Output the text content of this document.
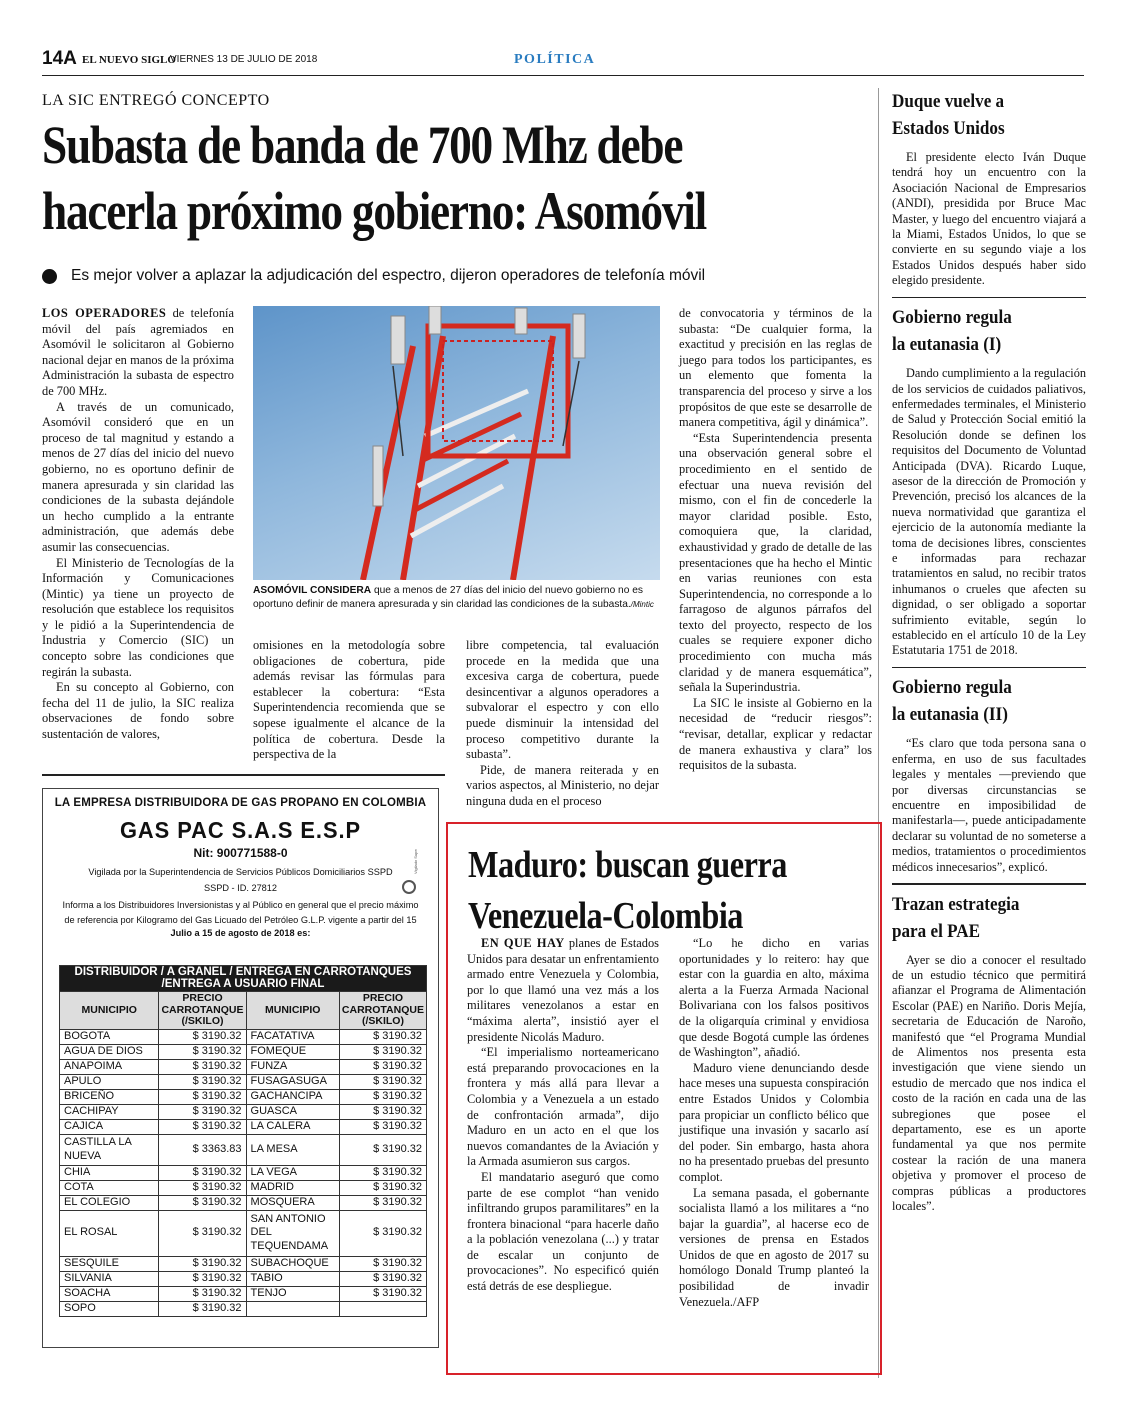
14A EL NUEVO SIGLO
VIERNES 13 DE JULIO DE 2018	POLÍTICA
LA SIC ENTREGÓ CONCEPTO
Subasta de banda de 700 Mhz debe
hacerla próximo gobierno: Asomóvil
Es mejor volver a aplazar la adjudicación del espectro, dijeron operadores de telefonía móvil

LOS OPERADORES de telefonía móvil del país agremiados en Asomóvil le solicitaron al Gobierno nacional dejar en manos de la próxima Administración la subasta de espectro de 700 MHz.

A través de un comunicado, Asomóvil consideró que en un proceso de tal magnitud y estando a menos de 27 días del inicio del nuevo gobierno, no es oportuno definir de manera apresurada y sin claridad las condiciones de la subasta dejándole un hecho cumplido a la entrante administración, que además debe asumir las consecuencias.

El Ministerio de Tecnologías de la Información y Comunicaciones (Mintic) ya tiene un proyecto de resolución que establece los requisitos y le pidió a la Superintendencia de Industria y Comercio (SIC) un concepto sobre las condiciones que regirán la subasta.

En su concepto al Gobierno, con fecha del 11 de julio, la SIC realiza observaciones de fondo sobre sustentación de valores,

ASOMÓVIL CONSIDERA que a menos de 27 días del inicio del nuevo gobierno no es oportuno definir de manera apresurada y sin claridad las condiciones de la subasta./Mintic

omisiones en la metodología sobre obligaciones de cobertura, pide además revisar las fórmulas para establecer la cobertura: “Esta Superintendencia recomienda que se sopese igualmente el alcance de la política de cobertura. Desde la perspectiva de la

libre competencia, tal evaluación procede en la medida que una excesiva carga de cobertura, puede desincentivar a algunos operadores a subvalorar el espectro y con ello puede disminuir la intensidad del proceso competitivo durante la subasta”.

Pide, de manera reiterada y en varios aspectos, al Ministerio, no dejar ninguna duda en el proceso

de convocatoria y términos de la subasta: “De cualquier forma, la exactitud y precisión en las reglas de juego para todos los participantes, es un elemento que fomenta la transparencia del proceso y sirve a los propósitos de que este se desarrolle de manera competitiva, ágil y dinámica”.

“Esta Superintendencia presenta una observación general sobre el procedimiento en el sentido de efectuar una nueva revisión del mismo, con el fin de concederle la mayor claridad posible. Esto, comoquiera que, la claridad, exhaustividad y grado de detalle de las presentaciones que ha hecho el Mintic en varias reuniones con esta Superintendencia, no corresponde a lo farragoso de algunos párrafos del texto del proyecto, respecto de los cuales se requiere exponer dicho procedimiento con mucha más claridad y de manera esquemática”, señala la Superindustria.

La SIC le insiste al Gobierno en la necesidad de “reducir riesgos”: “revisar, detallar, explicar y redactar de manera exhaustiva y clara” los requisitos de la subasta.

Duque vuelve a
Estados Unidos

El presidente electo Iván Duque tendrá hoy un encuentro con la Asociación Nacional de Empresarios (ANDI), presidida por Bruce Mac Master, y luego del encuentro viajará a la Miami, Estados Unidos, lo que se convierte en su segundo viaje a los Estados Unidos después haber sido elegido presidente.

Gobierno regula
la eutanasia (I)

Dando cumplimiento a la regulación de los servicios de cuidados paliativos, enfermedades terminales, el Ministerio de Salud y Protección Social emitió la Resolución donde se definen los requisitos del Documento de Voluntad Anticipada (DVA). Ricardo Luque, asesor de la dirección de Promoción y Prevención, precisó los alcances de la nueva normatividad que garantiza el ejercicio de la autonomía mediante la toma de decisiones libres, conscientes e informadas para rechazar tratamientos en salud, no recibir tratos inhumanos o crueles que afecten su dignidad, o ser obligado a soportar sufrimiento evitable, según lo establecido en el artículo 10 de la Ley Estatutaria 1751 de 2018.

Gobierno regula
la eutanasia (II)

“Es claro que toda persona sana o enferma, en uso de sus facultades legales y mentales —previendo que por diversas circunstancias se encuentre en imposibilidad de manifestarla—, puede anticipadamente declarar su voluntad de no someterse a medios, tratamientos o procedimientos médicos innecesarios”, explicó.

Trazan estrategia
para el PAE

Ayer se dio a conocer el resultado de un estudio técnico que permitirá afianzar el Programa de Alimentación Escolar (PAE) en Nariño. Doris Mejía, secretaria de Educación de Naroño, manifestó que “el Programa Mundial de Alimentos nos presenta esta investigación que viene siendo un estudio de mercado que nos indica el costo de la ración en cada una de las subregiones que posee el departamento, ese es un aporte fundamental ya que nos permite costear la ración de una manera objetiva y promover el proceso de compras públicas a productores locales”.

LA EMPRESA DISTRIBUIDORA DE GAS PROPANO EN COLOMBIA
GAS PAC S.A.S E.S.P
Nit: 900771588-0
Vigilada por la Superintendencia de Servicios Públicos Domiciliarios SSPD
SSPD - ID. 27812
Informa a los Distribuidores Inversionistas y al Público en general que el precio máximo de referencia por Kilogramo del Gas Licuado del Petróleo G.L.P. vigente a partir del 15
Julio a 15 de agosto de 2018 es:
Vigilado Superservicios
DISTRIBUIDOR / A GRANEL / ENTREGA EN CARROTANQUES
/ENTREGA A USUARIO FINAL			
MUNICIPIO	PRECIO
CARROTANQUE
(/SKILO)	MUNICIPIO	PRECIO
CARROTANQUE
(/SKILO)
BOGOTA	$ 3190.32	FACATATIVA	$ 3190.32
AGUA DE DIOS	$ 3190.32	FOMEQUE	$ 3190.32
ANAPOIMA	$ 3190.32	FUNZA	$ 3190.32
APULO	$ 3190.32	FUSAGASUGA	$ 3190.32
BRICEÑO	$ 3190.32	GACHANCIPA	$ 3190.32
CACHIPAY	$ 3190.32	GUASCA	$ 3190.32
CAJICA	$ 3190.32	LA CALERA	$ 3190.32
CASTILLA LA NUEVA	$ 3363.83	LA MESA	$ 3190.32
CHIA	$ 3190.32	LA VEGA	$ 3190.32
COTA	$ 3190.32	MADRID	$ 3190.32
EL COLEGIO	$ 3190.32	MOSQUERA	$ 3190.32
EL ROSAL	$ 3190.32	SAN ANTONIO DEL TEQUENDAMA	$ 3190.32
SESQUILE	$ 3190.32	SUBACHOQUE	$ 3190.32
SILVANIA	$ 3190.32	TABIO	$ 3190.32
SOACHA	$ 3190.32	TENJO	$ 3190.32
SOPO	$ 3190.32		
Maduro: buscan guerra
Venezuela-Colombia

EN QUE HAY planes de Estados Unidos para desatar un enfrentamiento armado entre Venezuela y Colombia, por lo que llamó una vez más a los militares venezolanos a estar en “máxima alerta”, insistió ayer el presidente Nicolás Maduro.

“El imperialismo norteamericano está preparando provocaciones en la frontera y más allá para llevar a Colombia y a Venezuela a un estado de confrontación armada”, dijo Maduro en un acto en el que los nuevos comandantes de la Aviación y la Armada asumieron sus cargos.

El mandatario aseguró que como parte de ese complot “han venido infiltrando grupos paramilitares” en la frontera binacional “para hacerle daño a la población venezolana (...) y tratar de escalar un conjunto de provocaciones”. No especificó quién está detrás de ese despliegue.

“Lo he dicho en varias oportunidades y lo reitero: hay que estar con la guardia en alto, máxima alerta a la Fuerza Armada Nacional Bolivariana con los falsos positivos de la oligarquía criminal y envidiosa que desde Bogotá cumple las órdenes de Washington”, añadió.

Maduro viene denunciando desde hace meses una supuesta conspiración entre Estados Unidos y Colombia para propiciar un conflicto bélico que justifique una invasión y sacarlo así del poder. Sin embargo, hasta ahora no ha presentado pruebas del presunto complot.

La semana pasada, el gobernante socialista llamó a los militares a “no bajar la guardia”, al hacerse eco de versiones de prensa en Estados Unidos de que en agosto de 2017 su homólogo Donald Trump planteó la posibilidad de invadir Venezuela./AFP
